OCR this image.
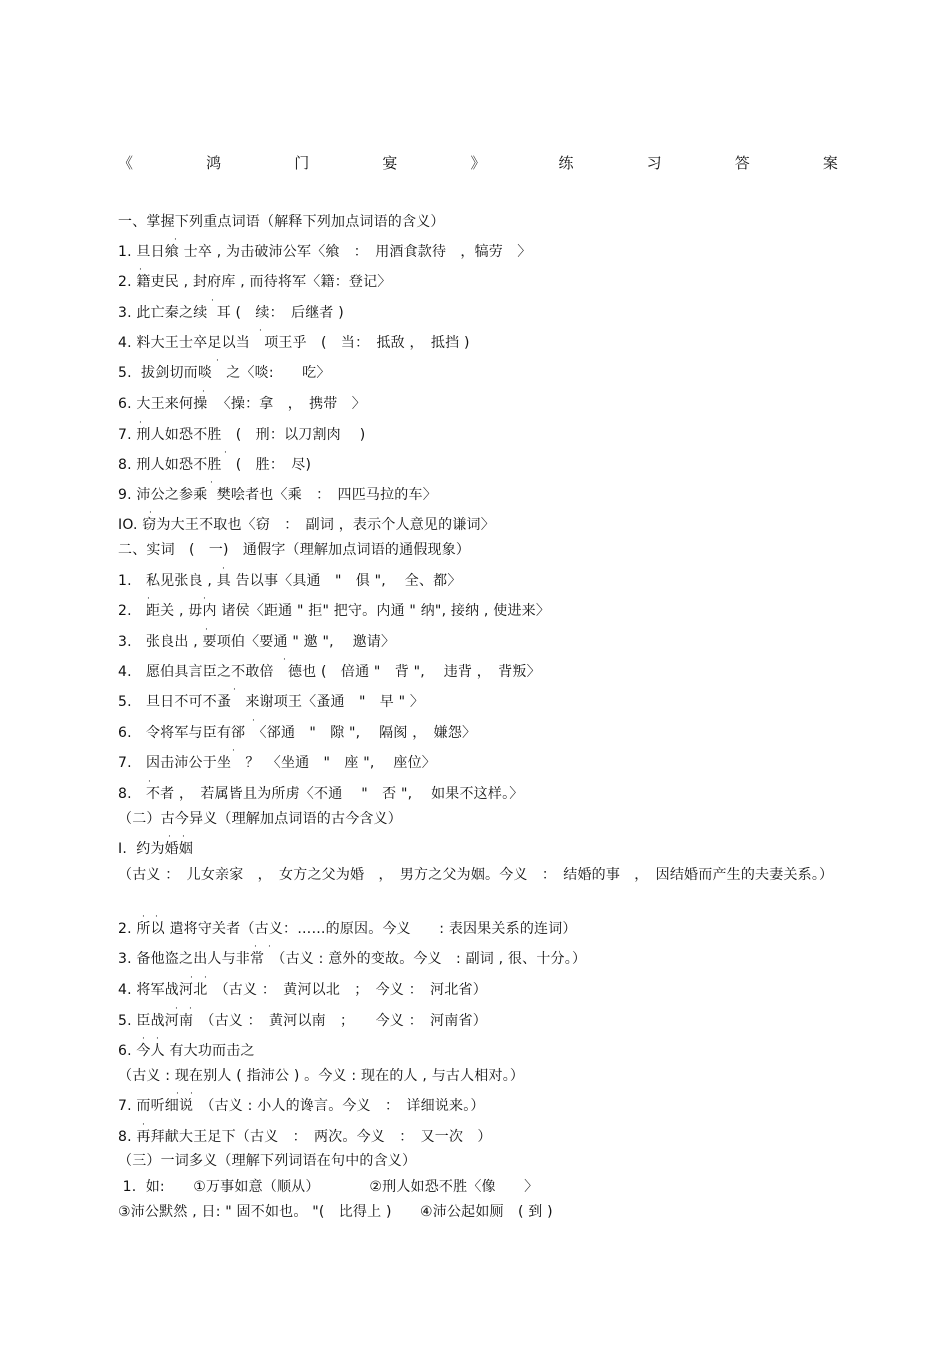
《	鸿	门	宴	》	练	习	答	案
一、掌握下列重点词语（解释下列加点词语的含义）
1. 旦日飨 士卒 , 为击破沛公军〈飨　：　用酒食款待　，犒劳　〉
2. 籍吏民 , 封府库 , 而待将军〈籍：登记〉
3. 此亡秦之续  耳 (　续：　后继者 )
4. 料大王士卒足以当　项王乎　(　当：　抵敌 ，　抵挡 )
5.  拔剑切而啖　之〈啖:　　吃〉
6. 大王来何操  〈操：拿　，　携带　〉
7. 刑人如恐不胜　(　刑：以刀割肉　 )
8. 刑人如恐不胜　(　胜：　尽)
9. 沛公之参乘  樊哙者也〈乘　：　四匹马拉的车〉
IO. 窃为大王不取也〈窃　：　副词 ，表示个人意见的谦词〉
二、实词　(　一)　通假字（理解加点词语的通假现象）
1.　私见张良 , 具 告以事〈具通　"　俱 ",　 全、都〉
2.　距关 , 毋内 诸侯〈距通 " 拒" 把守。内通 " 纳", 接纳 , 使进来〉
3.　张良出 , 要项伯〈要通 " 邀 ",　 邀请〉
4.　愿伯具言臣之不敢倍　德也 (　倍通 "　背 ",　 违背 ，　背叛〉
5.　旦日不可不蚤　来谢项王〈蚤通　"　早 " 〉
6.　令将军与臣有郤　〈郤通　"　隙 ",　 隔阂 ，　嫌怨〉
7.　因击沛公于坐　？　〈坐通　"　座 ",　 座位〉
8.　不者 ，　若属皆且为所虏〈不通　 "　否 ",　 如果不这样。〉
（二）古今异义（理解加点词语的古今含义）
I.  约为婚姻
（古义 ：　儿女亲家　，　女方之父为婚　，　男方之父为姻。今义　：　结婚的事　，　因结婚而产生的夫妻关系。）
2. 所以 遣将守关者（古义：……的原因。今义　　: 表因果关系的连词）
3. 备他盗之出人与非常　（古义 : 意外的变故。今义　: 副词 , 很、十分。）
4. 将军战河北　（古义 ：　黄河以北　；　今义 ：　河北省）
5. 臣战河南　（古义 ：　黄河以南　；　　今义 ：　河南省）
6. 今人 有大功而击之
（古义 : 现在别人 ( 指沛公 ) 。今义 : 现在的人 , 与古人相对。）
7. 而听细说　（古义 : 小人的谗言。今义　：　详细说来。）
8. 再拜献大王足下（古义　：　两次。今义　：　又一次　）
（三）一词多义（理解下列词语在句中的含义）
1.  如:　　①万事如意（顺从）　　　　②刑人如恐不胜〈像　　〉
③沛公默然 , 日: " 固不如也。 "(　比得上 )　　④沛公起如厕　( 到 )
·
·
·
·
·
·
·
·
·
·
·
·	·
·
·
·
·
·
·
· ·
· ·
· ·
· ·
· ·
· ·
· ·
·
